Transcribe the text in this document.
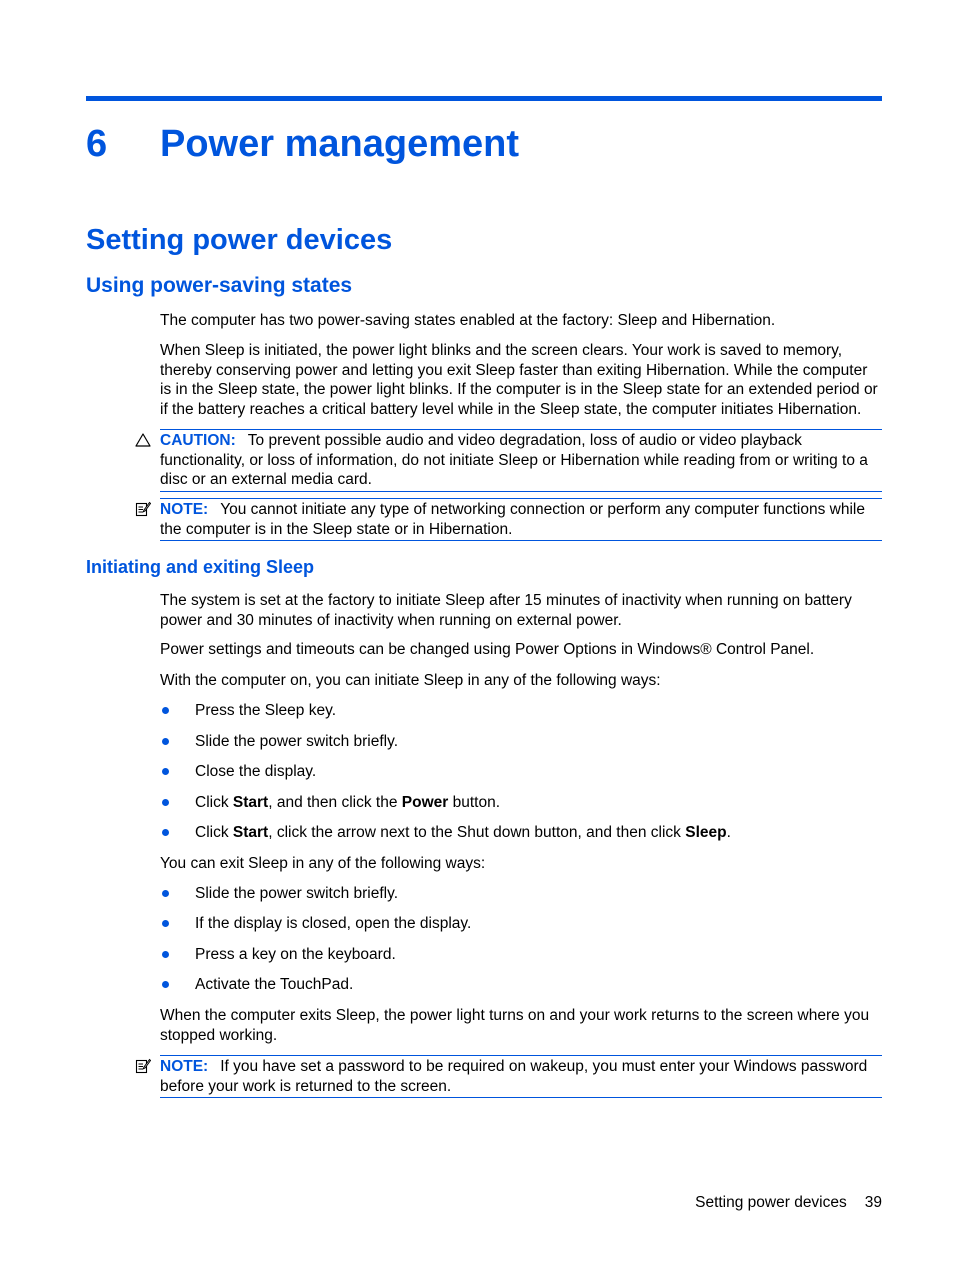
6 Power management
Setting power devices
Using power-saving states

The computer has two power-saving states enabled at the factory: Sleep and Hibernation.

When Sleep is initiated, the power light blinks and the screen clears. Your work is saved to memory, thereby conserving power and letting you exit Sleep faster than exiting Hibernation. While the computer is in the Sleep state, the power light blinks. If the computer is in the Sleep state for an extended period or if the battery reaches a critical battery level while in the Sleep state, the computer initiates Hibernation.

CAUTION: To prevent possible audio and video degradation, loss of audio or video playback functionality, or loss of information, do not initiate Sleep or Hibernation while reading from or writing to a disc or an external media card.
NOTE: You cannot initiate any type of networking connection or perform any computer functions while the computer is in the Sleep state or in Hibernation.
Initiating and exiting Sleep

The system is set at the factory to initiate Sleep after 15 minutes of inactivity when running on battery power and 30 minutes of inactivity when running on external power.

Power settings and timeouts can be changed using Power Options in Windows® Control Panel.

With the computer on, you can initiate Sleep in any of the following ways:

Press the Sleep key.
Slide the power switch briefly.
Close the display.
Click Start, and then click the Power button.
Click Start, click the arrow next to the Shut down button, and then click Sleep.

You can exit Sleep in any of the following ways:

Slide the power switch briefly.
If the display is closed, open the display.
Press a key on the keyboard.
Activate the TouchPad.

When the computer exits Sleep, the power light turns on and your work returns to the screen where you stopped working.

NOTE: If you have set a password to be required on wakeup, you must enter your Windows password before your work is returned to the screen.
Setting power devices 39
